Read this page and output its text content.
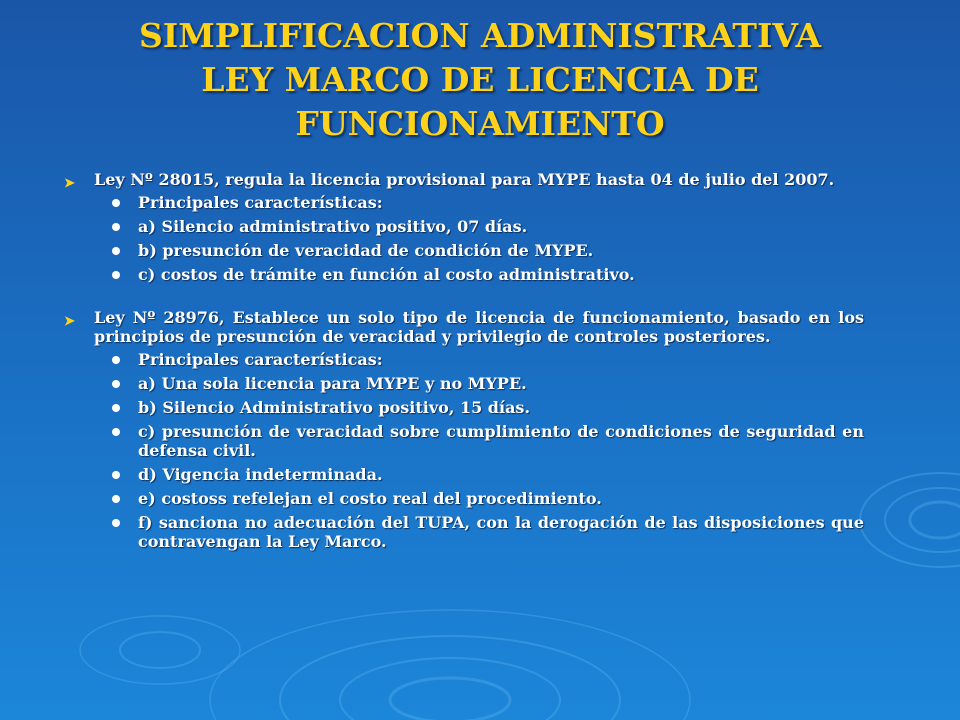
SIMPLIFICACION ADMINISTRATIVA
LEY MARCO DE LICENCIA DE
FUNCIONAMIENTO
➤ Ley Nº 28015, regula la licencia provisional para MYPE hasta 04 de julio del 2007.
Principales características:
a) Silencio administrativo positivo, 07 días.
b) presunción de veracidad de condición de MYPE.
c) costos de trámite en función al costo administrativo.
➤ Ley Nº 28976, Establece un solo tipo de licencia de funcionamiento, basado en los principios de presunción de veracidad y privilegio de controles posteriores.
Principales características:
a) Una sola licencia para MYPE y no MYPE.
b) Silencio Administrativo positivo, 15 días.
c) presunción de veracidad sobre cumplimiento de condiciones de seguridad en defensa civil.
d) Vigencia indeterminada.
e) costoss refelejan el costo real del procedimiento.
f) sanciona no adecuación del TUPA, con la derogación de las disposiciones que contravengan la Ley Marco.
